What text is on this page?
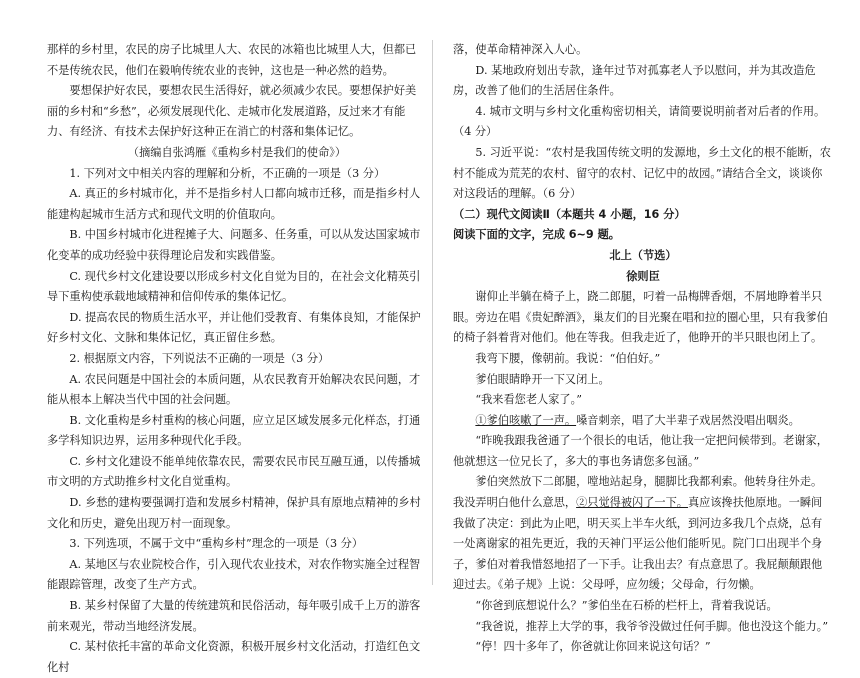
那样的乡村里，农民的房子比城里人大、农民的冰箱也比城里人大，但都已不是传统农民，他们在毅响传统农业的丧钟，这也是一种必然的趋势。

要想保护好农民，要想农民生活得好，就必须减少农民。要想保护好美丽的乡村和“乡愁”，必须发展现代化、走城市化发展道路，反过来才有能力、有经济、有技术去保护好这种正在消亡的村落和集体记忆。

（摘编自张鸿雁《重构乡村是我们的使命》）

1. 下列对文中相关内容的理解和分析，不正确的一项是（3 分）

A. 真正的乡村城市化，并不是指乡村人口都向城市迁移，而是指乡村人能建构起城市生活方式和现代文明的价值取向。

B. 中国乡村城市化进程摊子大、问题多、任务重，可以从发达国家城市化变革的成功经验中获得理论启发和实践借鉴。

C. 现代乡村文化建设要以形成乡村文化自觉为目的，在社会文化精英引导下重构使承载地域精神和信仰传承的集体记忆。

D. 提高农民的物质生活水平，并让他们受教育、有集体良知，才能保护好乡村文化、文脉和集体记忆，真正留住乡愁。

2. 根据原文内容，下列说法不正确的一项是（3 分）

A. 农民问题是中国社会的本质问题，从农民教育开始解决农民问题，才能从根本上解决当代中国的社会问题。

B. 文化重构是乡村重构的核心问题，应立足区域发展多元化样态，打通多学科知识边界，运用多种现代化手段。

C. 乡村文化建设不能单纯依靠农民，需要农民市民互融互通，以传播城市文明的方式助推乡村文化自觉重构。

D. 乡愁的建构要强调打造和发展乡村精神，保护具有原地点精神的乡村文化和历史，避免出现万村一面现象。

3. 下列选项，不属于文中“重构乡村”理念的一项是（3 分）

A. 某地区与农业院校合作，引入现代农业技术，对农作物实施全过程智能跟踪管理，改变了生产方式。

B. 某乡村保留了大量的传统建筑和民俗活动，每年吸引成千上万的游客前来观光，带动当地经济发展。

C. 某村依托丰富的革命文化资源，积极开展乡村文化活动，打造红色文化村

落，使革命精神深入人心。

D. 某地政府划出专款，逢年过节对孤寡老人予以慰问，并为其改造危房，改善了他们的生活居住条件。

4. 城市文明与乡村文化重构密切相关，请简要说明前者对后者的作用。（4 分）

5. 习近平说：“农村是我国传统文明的发源地，乡土文化的根不能断，农村不能成为荒芜的农村、留守的农村、记忆中的故园。”请结合全文，谈谈你对这段话的理解。（6 分）

（二）现代文阅读Ⅱ（本题共 4 小题，16 分）

阅读下面的文字，完成 6~9 题。

北上（节选）

徐则臣

谢仰止半躺在椅子上，跷二郎腿，叼着一品梅牌香烟，不屑地睁着半只眼。旁边在唱《贵妃醉酒》，巢友们的目光聚在唱和拉的圈心里，只有我爹伯的椅子斜着背对他们。他在等我。但我走近了，他睁开的半只眼也闭上了。

我弯下腰，像朝前。我说：“伯伯好。”

爹伯眼睛睁开一下又闭上。

“我来看您老人家了。”

①爹伯咳嗽了一声。嗓音刺亲，唱了大半辈子戏居然没唱出咽炎。

“昨晚我跟我爸通了一个很长的电话，他让我一定把问候带到。老谢家，他就想这一位兄长了，多大的事也务请您多包涵。”

爹伯突然放下二郎腿，嘡地站起身，腿脚比我都利索。他转身往外走。我没弄明白他什么意思，②只觉得被闪了一下。真应该搀扶他原地。一瞬间我做了决定：到此为止吧，明天买上半车火纸，到河边多我几个点烧，总有一处离谢家的祖先更近，我的天神门平运公他们能听见。院门口出现半个身子，爹伯对着我惜怒地招了一下手。让我出去？有点意思了。我屁颠颠跟他迎过去。《弟子规》上说：父母呼，应勿缓；父母命，行勿懒。

“你爸到底想说什么？”爹伯坐在石桥的栏杆上，背着我说话。

“我爸说，推荐上大学的事，我爷爷没做过任何手脚。他也没这个能力。”

“停！四十多年了，你爸就让你回来说这句话？”
